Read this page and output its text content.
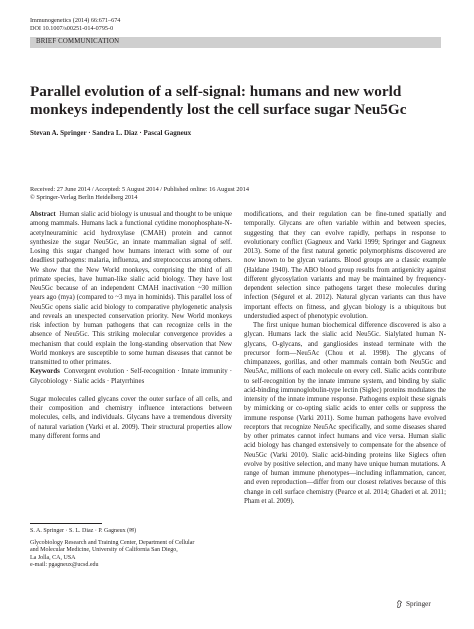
Immunogenetics (2014) 66:671–674
DOI 10.1007/s00251-014-0795-0
BRIEF COMMUNICATION
Parallel evolution of a self-signal: humans and new world monkeys independently lost the cell surface sugar Neu5Gc
Stevan A. Springer · Sandra L. Diaz · Pascal Gagneux
Received: 27 June 2014 / Accepted: 5 August 2014 / Published online: 16 August 2014
© Springer-Verlag Berlin Heidelberg 2014

Abstract Human sialic acid biology is unusual and thought to be unique among mammals. Humans lack a functional cytidine monophosphate-N-acetylneuraminic acid hydroxylase (CMAH) protein and cannot synthesize the sugar Neu5Gc, an innate mammalian signal of self. Losing this sugar changed how humans interact with some of our deadliest pathogens: malaria, influenza, and streptococcus among others. We show that the New World monkeys, comprising the third of all primate species, have human-like sialic acid biology. They have lost Neu5Gc because of an independent CMAH inactivation ~30 million years ago (mya) (compared to ~3 mya in hominids). This parallel loss of Neu5Gc opens sialic acid biology to comparative phylogenetic analysis and reveals an unexpected conservation priority. New World monkeys risk infection by human pathogens that can recognize cells in the absence of Neu5Gc. This striking molecular convergence provides a mechanism that could explain the long-standing observation that New World monkeys are susceptible to some human diseases that cannot be transmitted to other primates.

Keywords Convergent evolution · Self-recognition · Innate immunity · Glycobiology · Sialic acids · Platyrrhines

Sugar molecules called glycans cover the outer surface of all cells, and their composition and chemistry influence interactions between molecules, cells, and individuals. Glycans have a tremendous diversity of natural variation (Varki et al. 2009). Their structural properties allow many different forms and

modifications, and their regulation can be fine-tuned spatially and temporally. Glycans are often variable within and between species, suggesting that they can evolve rapidly, perhaps in response to evolutionary conflict (Gagneux and Varki 1999; Springer and Gagneux 2013). Some of the first natural genetic polymorphisms discovered are now known to be glycan variants. Blood groups are a classic example (Haldane 1940). The ABO blood group results from antigenicity against different glycosylation variants and may be maintained by frequency-dependent selection since pathogens target these molecules during infection (Ségurel et al. 2012). Natural glycan variants can thus have important effects on fitness, and glycan biology is a ubiquitous but understudied aspect of phenotypic evolution.

The first unique human biochemical difference discovered is also a glycan. Humans lack the sialic acid Neu5Gc. Sialylated human N-glycans, O-glycans, and gangliosides instead terminate with the precursor form—Neu5Ac (Chou et al. 1998). The glycans of chimpanzees, gorillas, and other mammals contain both Neu5Gc and Neu5Ac, millions of each molecule on every cell. Sialic acids contribute to self-recognition by the innate immune system, and binding by sialic acid-binding immunoglobulin-type lectin (Siglec) proteins modulates the intensity of the innate immune response. Pathogens exploit these signals by mimicking or co-opting sialic acids to enter cells or suppress the immune response (Varki 2011). Some human pathogens have evolved receptors that recognize Neu5Ac specifically, and some diseases shared by other primates cannot infect humans and vice versa. Human sialic acid biology has changed extensively to compensate for the absence of Neu5Gc (Varki 2010). Sialic acid-binding proteins like Siglecs often evolve by positive selection, and many have unique human mutations. A range of human immune phenotypes—including inflammation, cancer, and even reproduction—differ from our closest relatives because of this change in cell surface chemistry (Pearce et al. 2014; Ghaderi et al. 2011; Pham et al. 2009).

S. A. Springer · S. L. Diaz · P. Gagneux (✉)

Glycobiology Research and Training Center, Department of Cellular

and Molecular Medicine, University of California San Diego,

La Jolla, CA, USA

e-mail: pgagneux@ucsd.edu

Springer
